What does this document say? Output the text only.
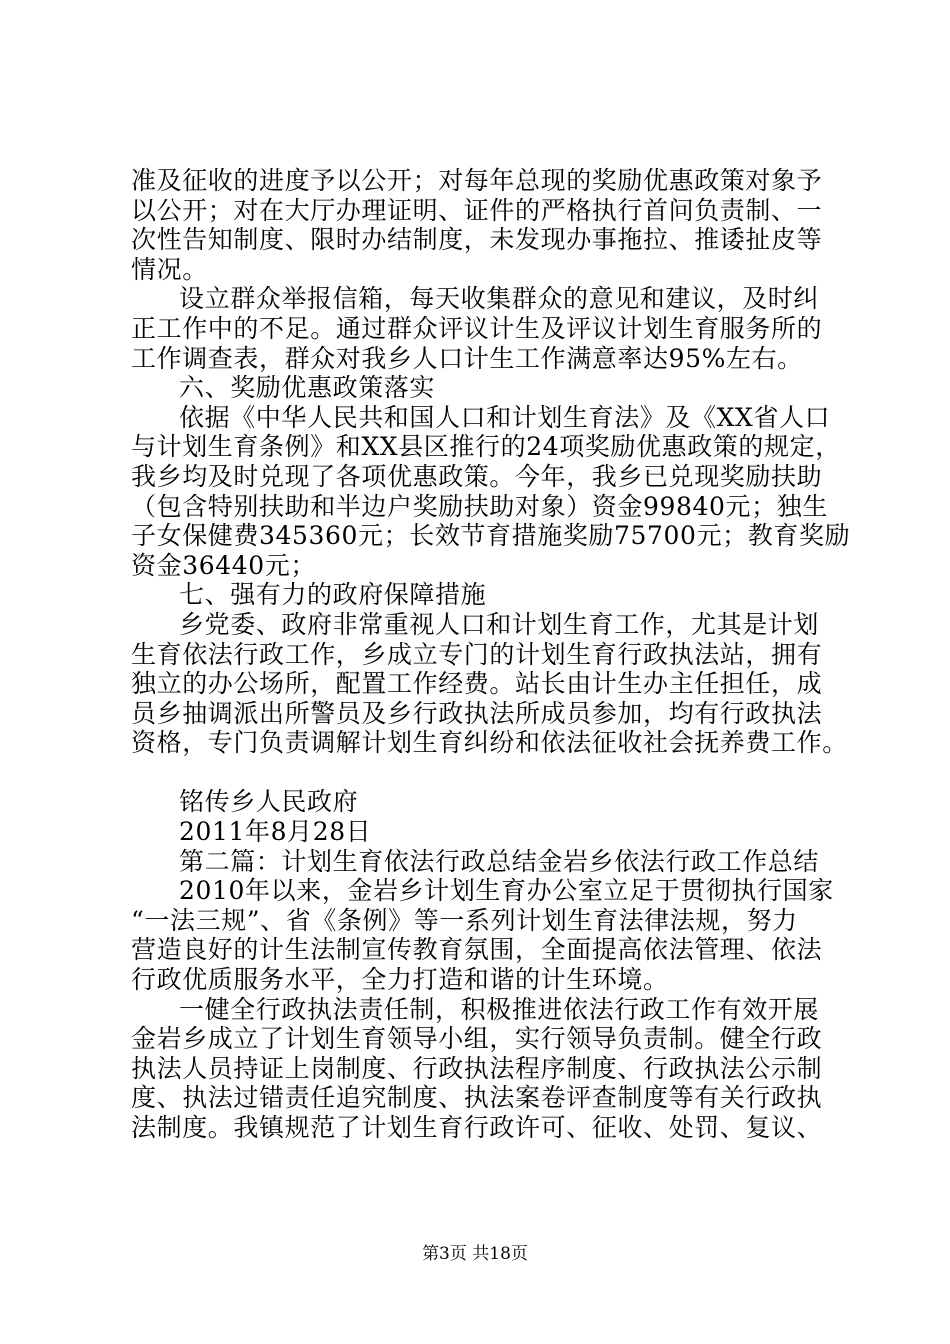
准及征收的进度予以公开；对每年总现的奖励优惠政策对象予
以公开；对在大厅办理证明、证件的严格执行首问负责制、一
次性告知制度、限时办结制度，未发现办事拖拉、推诿扯皮等
情况。
设立群众举报信箱，每天收集群众的意见和建议，及时纠
正工作中的不足。通过群众评议计生及评议计划生育服务所的
工作调查表，群众对我乡人口计生工作满意率达95%左右。
六、奖励优惠政策落实
依据《中华人民共和国人口和计划生育法》及《XX省人口
与计划生育条例》和XX县区推行的24项奖励优惠政策的规定，
我乡均及时兑现了各项优惠政策。今年，我乡已兑现奖励扶助
（包含特别扶助和半边户奖励扶助对象）资金99840元；独生
子女保健费345360元；长效节育措施奖励75700元；教育奖励
资金36440元；
七、强有力的政府保障措施
乡党委、政府非常重视人口和计划生育工作，尤其是计划
生育依法行政工作，乡成立专门的计划生育行政执法站，拥有
独立的办公场所，配置工作经费。站长由计生办主任担任，成
员乡抽调派出所警员及乡行政执法所成员参加，均有行政执法
资格，专门负责调解计划生育纠纷和依法征收社会抚养费工作。
铭传乡人民政府
2011年8月28日
第二篇：计划生育依法行政总结金岩乡依法行政工作总结
2010年以来，金岩乡计划生育办公室立足于贯彻执行国家
“一法三规”、省《条例》等一系列计划生育法律法规，努力
营造良好的计生法制宣传教育氛围，全面提高依法管理、依法
行政优质服务水平，全力打造和谐的计生环境。
一健全行政执法责任制，积极推进依法行政工作有效开展
金岩乡成立了计划生育领导小组，实行领导负责制。健全行政
执法人员持证上岗制度、行政执法程序制度、行政执法公示制
度、执法过错责任追究制度、执法案卷评查制度等有关行政执
法制度。我镇规范了计划生育行政许可、征收、处罚、复议、
第3页 共18页
